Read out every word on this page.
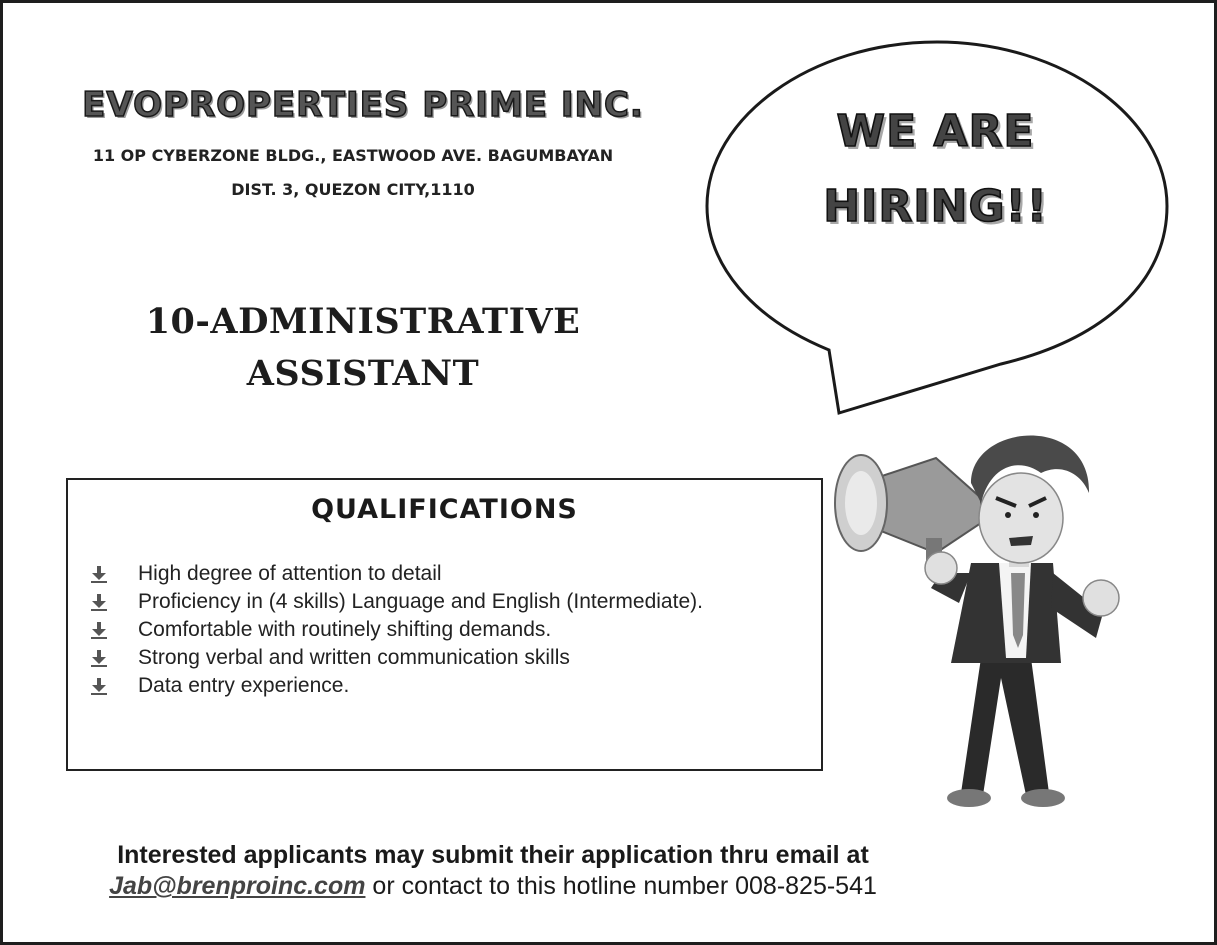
EVOPROPERTIES PRIME INC.
11 OP CYBERZONE BLDG., EASTWOOD AVE. BAGUMBAYAN
DIST. 3, QUEZON CITY,1110
10-ADMINISTRATIVE
ASSISTANT
WE ARE
HIRING!!
QUALIFICATIONS
High degree of attention to detail
Proficiency in (4 skills) Language and English (Intermediate).
Comfortable with routinely shifting demands.
Strong verbal and written communication skills
Data entry experience.
Interested applicants may submit their application thru email at
Jab@brenproinc.com or contact to this hotline number 008-825-541
